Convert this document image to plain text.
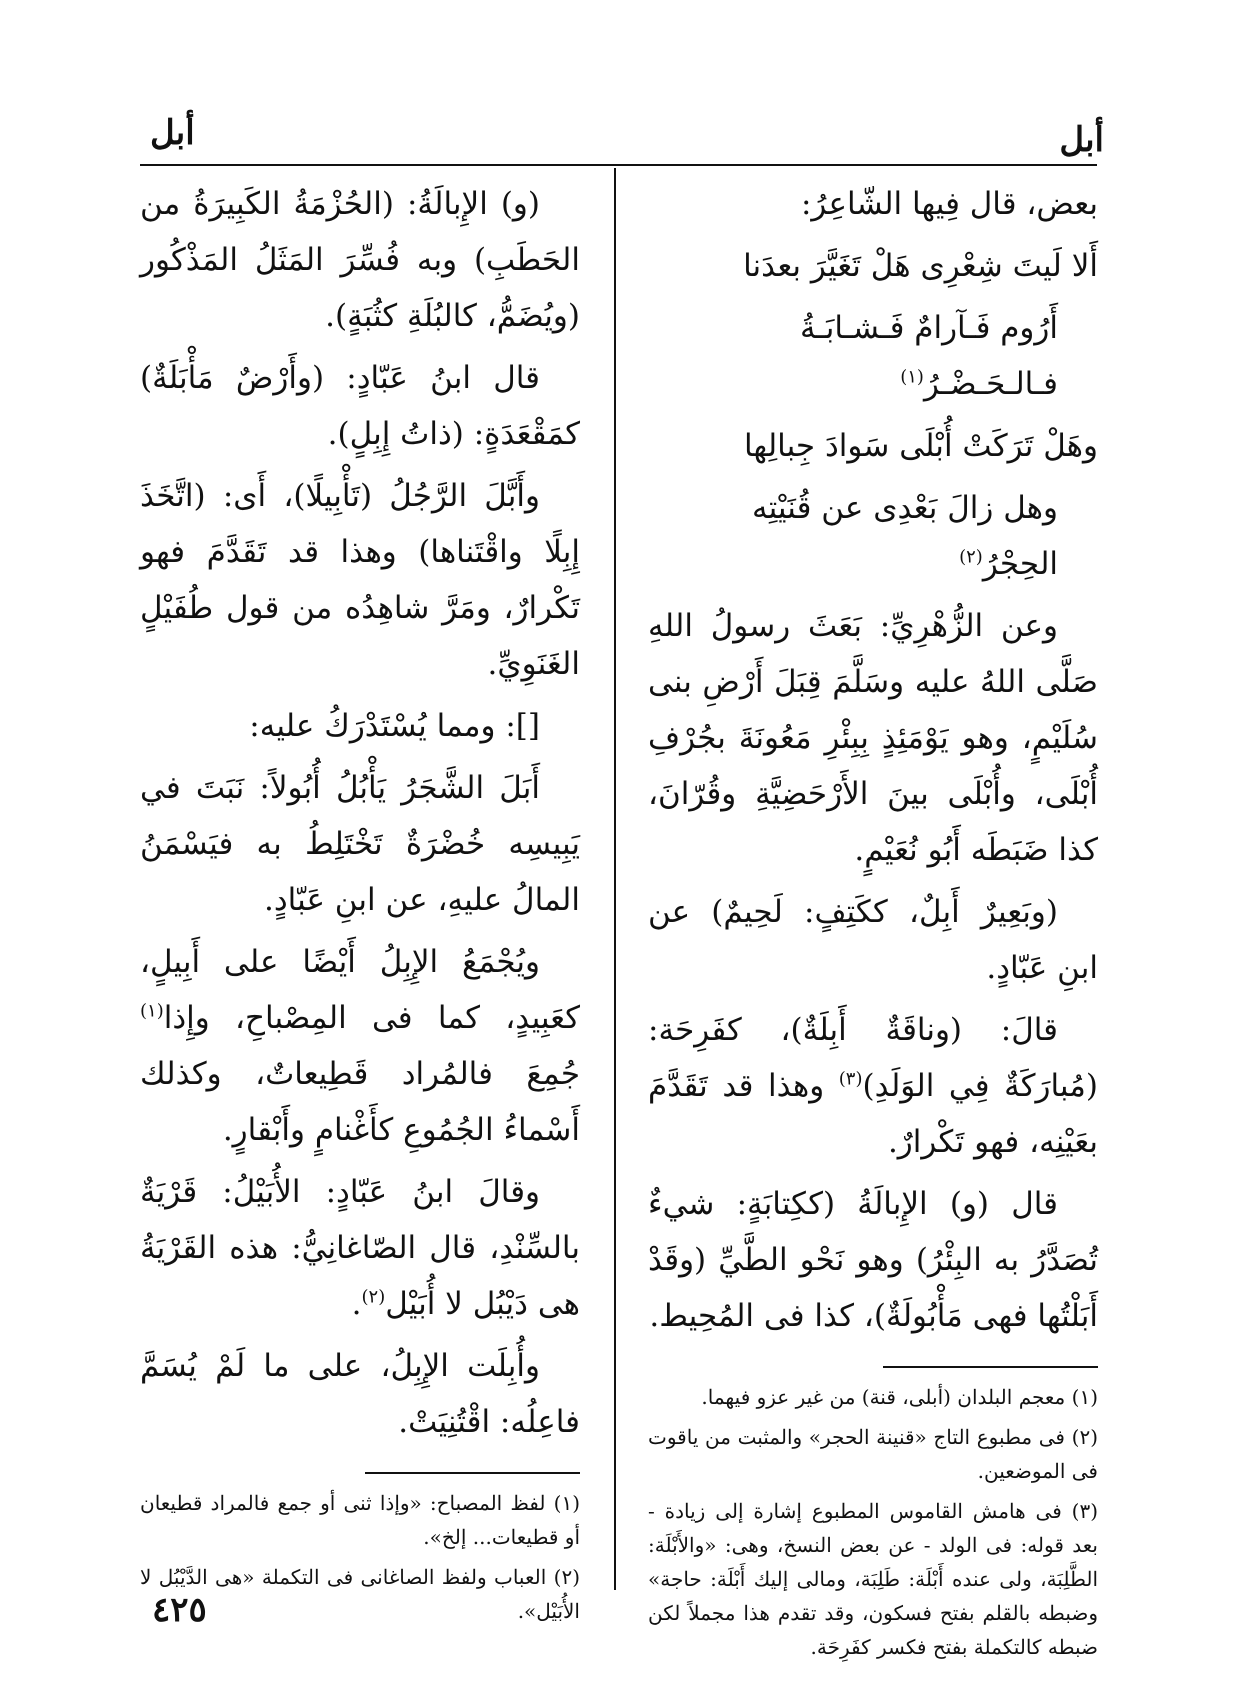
أبل
أبل

بعض، قال فِيها الشّاعِرُ:

أَلا لَيتَ شِعْرِى هَلْ تَغَيَّرَ بعدَنا

أَرُوم فَـآرامٌ فَـشـابَـةُ فـالـحَـضْـرُ$^{(١)}$

وهَلْ تَرَكَتْ أُبْلَى سَوادَ جِبالِها

وهل زالَ بَعْدِى عن قُنَيْتِه الحِجْرُ$^{(٢)}$

وعن الزُّهْرِيِّ: بَعَثَ رسولُ اللهِ صَلَّى اللهُ عليه وسَلَّمَ قِبَلَ أَرْضِ بنى سُلَيْمٍ، وهو يَوْمَئِذٍ بِبِئْرِ مَعُونَةَ بجُرْفِ أُبْلَى، وأُبْلَى بينَ الأَرْحَضِيَّةِ وقُرّانَ، كذا ضَبَطَه أَبُو نُعَيْمٍ.

(وبَعِيرٌ أَبِلٌ، ككَتِفٍ: لَحِيمٌ) عن ابنِ عَبّادٍ.

قالَ: (وناقَةٌ أَبِلَةٌ)، كفَرِحَة: (مُبارَكَةٌ فِي الوَلَدِ)$^{(٣)}$ وهذا قد تَقَدَّمَ بعَيْنِه، فهو تَكْرارٌ.

قال (و) الإِبالَةُ (ككِتابَةٍ: شيءٌ تُصَدَّرُ به البِئْرُ) وهو نَحْو الطَّيِّ (وقَدْ أَبَلْتُها فهى مَأْبُولَةٌ)، كذا فى المُحِيط.

(١) معجم البلدان (أبلى، قنة) من غير عزو فيهما.

(٢) فى مطبوع التاج «قنينة الحجر» والمثبت من ياقوت فى الموضعين.

(٣) فى هامش القاموس المطبوع إشارة إلى زيادة - بعد قوله: فى الولد - عن بعض النسخ، وهى: «والأَبْلَة: الطَّلِبَة، ولى عنده أَبْلَة: طَلِبَة، ومالى إليك أَبْلَة: حاجة» وضبطه بالقلم بفتح فسكون، وقد تقدم هذا مجملاً لكن ضبطه كالتكملة بفتح فكسر كفَرِحَة.

(و) الإِبالَةُ: (الحُزْمَةُ الكَبِيرَةُ من الحَطَبِ) وبه فُسِّرَ المَثَلُ المَذْكُور (ويُضَمُّ، كالبُلَةِ كثُبَةٍ).

قال ابنُ عَبّادٍ: (وأَرْضٌ مَأْبَلَةٌ) كمَقْعَدَةٍ: (ذاتُ إِبِلٍ).

وأَبَّلَ الرَّجُلُ (تَأْبِيلًا)، أَى: (اتَّخَذَ إِبِلًا واقْتَناها) وهذا قد تَقَدَّمَ فهو تَكْرارٌ، ومَرَّ شاهِدُه من قول طُفَيْلٍ الغَنَوِيِّ.

[]: ومما يُسْتَدْرَكُ عليه:

أَبَلَ الشَّجَرُ يَأْبُلُ أُبُولاً: نَبَتَ في يَبِيسِه خُضْرَةٌ تَخْتَلِطُ به فيَسْمَنُ المالُ عليهِ، عن ابنِ عَبّادٍ.

ويُجْمَعُ الإِبِلُ أَيْضًا على أَبِيلٍ، كعَبِيدٍ، كما فى المِصْباحِ، وإِذا$^{(١)}$ جُمِعَ فالمُراد قَطِيعاتٌ، وكذلك أَسْماءُ الجُمُوعِ كأَغْنامٍ وأَبْقارٍ.

وقالَ ابنُ عَبّادٍ: الأُبَيْلُ: قَرْيَةٌ بالسِّنْدِ، قال الصّاغانِيُّ: هذه القَرْيَةُ هى دَيْبُل لا أُبَيْل$^{(٢)}$.

وأُبِلَت الإِبِلُ، على ما لَمْ يُسَمَّ فاعِلُه: اقْتُنِيَتْ.

(١) لفظ المصباح: «وإذا ثنى أو جمع فالمراد قطيعان أو قطيعات... إلخ».

(٢) العباب ولفظ الصاغانى فى التكملة «هى الدَّيْبُل لا الأُبَيْل».

٤٢٥
